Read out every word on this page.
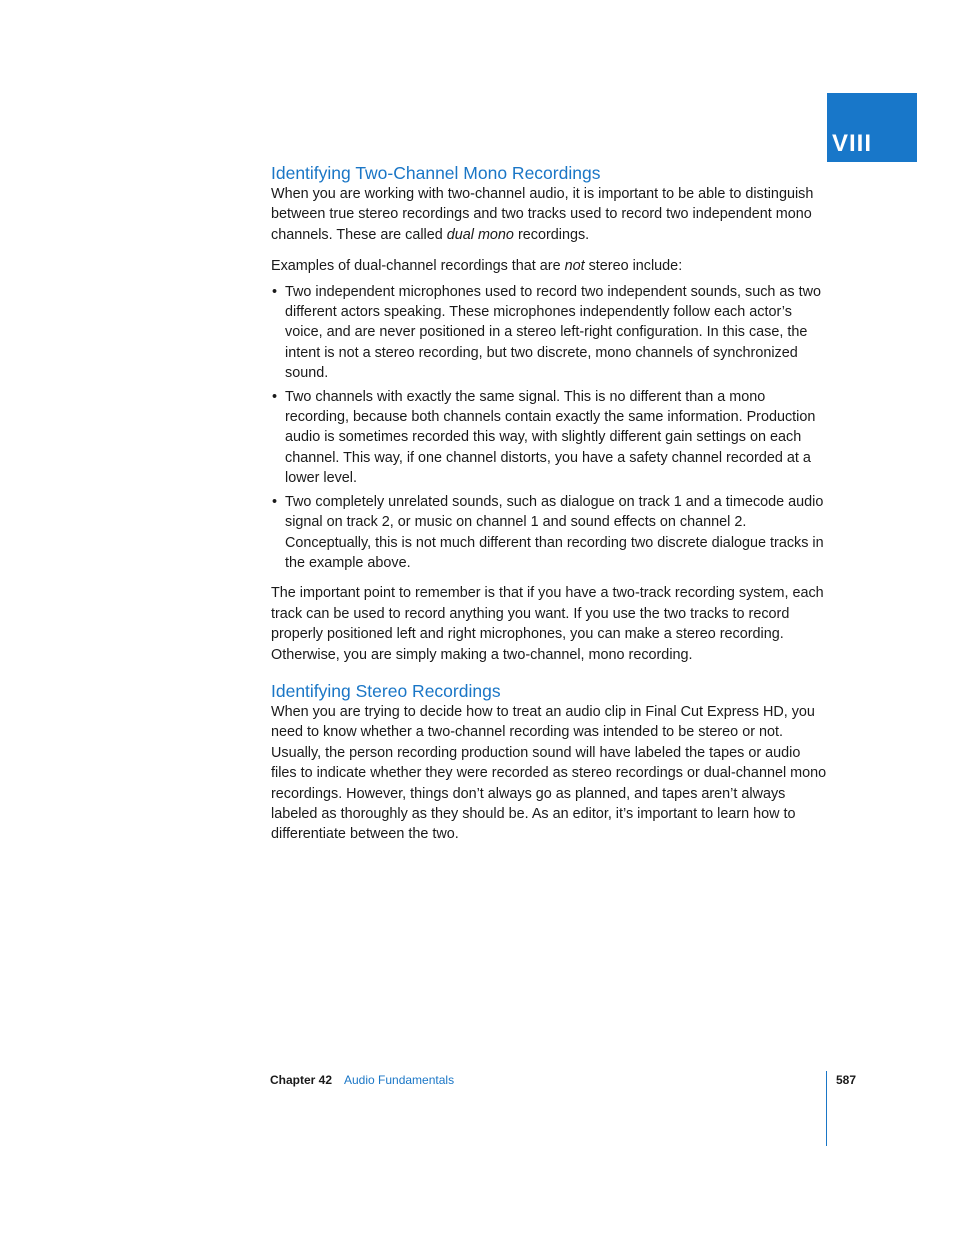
VIII
Identifying Two-Channel Mono Recordings

When you are working with two-channel audio, it is important to be able to distinguish between true stereo recordings and two tracks used to record two independent mono channels. These are called dual mono recordings.

Examples of dual-channel recordings that are not stereo include:

• Two independent microphones used to record two independent sounds, such as two different actors speaking. These microphones independently follow each actor’s voice, and are never positioned in a stereo left-right configuration. In this case, the intent is not a stereo recording, but two discrete, mono channels of synchronized sound.
• Two channels with exactly the same signal. This is no different than a mono recording, because both channels contain exactly the same information. Production audio is sometimes recorded this way, with slightly different gain settings on each channel. This way, if one channel distorts, you have a safety channel recorded at a lower level.
• Two completely unrelated sounds, such as dialogue on track 1 and a timecode audio signal on track 2, or music on channel 1 and sound effects on channel 2. Conceptually, this is not much different than recording two discrete dialogue tracks in the example above.

The important point to remember is that if you have a two-track recording system, each track can be used to record anything you want. If you use the two tracks to record properly positioned left and right microphones, you can make a stereo recording. Otherwise, you are simply making a two-channel, mono recording.

Identifying Stereo Recordings

When you are trying to decide how to treat an audio clip in Final Cut Express HD, you need to know whether a two-channel recording was intended to be stereo or not. Usually, the person recording production sound will have labeled the tapes or audio files to indicate whether they were recorded as stereo recordings or dual-channel mono recordings. However, things don’t always go as planned, and tapes aren’t always labeled as thoroughly as they should be. As an editor, it’s important to learn how to differentiate between the two.

Chapter 42 Audio Fundamentals	587
